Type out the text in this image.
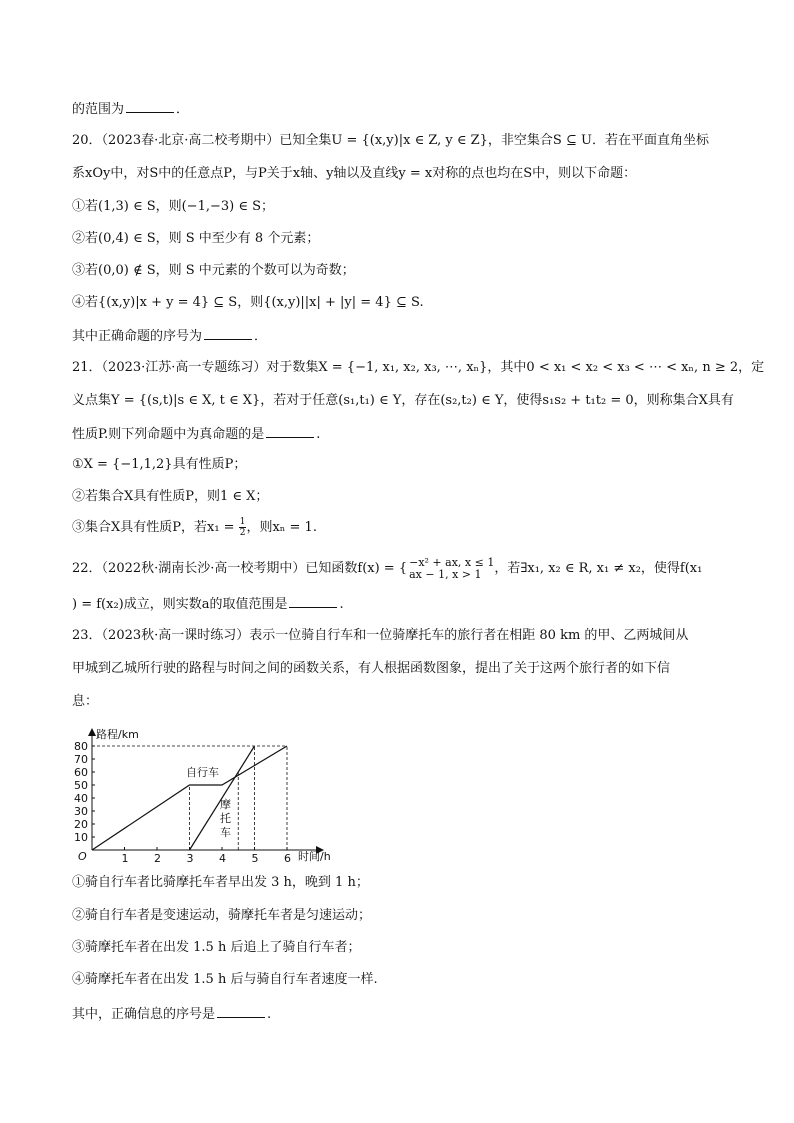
的范围为	．
20．（2023春·北京·高二校考期中）已知全集U = {(x,y)|x ∈ Z, y ∈ Z}，非空集合S ⊆ U．若在平面直角坐标
系xOy中，对S中的任意点P，与P关于x轴、y轴以及直线y = x对称的点也均在S中，则以下命题：
①若(1,3) ∈ S，则(−1,−3) ∈ S；
②若(0,4) ∈ S，则 S 中至少有 8 个元素；
③若(0,0) ∉ S，则 S 中元素的个数可以为奇数；
④若{(x,y)|x + y = 4} ⊆ S，则{(x,y)||x| + |y| = 4} ⊆ S.
其中正确命题的序号为	．
21．（2023·江苏·高一专题练习）对于数集X = {−1, x₁, x₂, x₃, ⋯, xₙ}，其中0 < x₁ < x₂ < x₃ < ⋯ < xₙ, n ≥ 2，定
义点集Y = {(s,t)|s ∈ X, t ∈ X}，若对于任意(s₁,t₁) ∈ Y，存在(s₂,t₂) ∈ Y，使得s₁s₂ + t₁t₂ = 0，则称集合X具有
性质P.则下列命题中为真命题的是	.
①X = {−1,1,2}具有性质P；
②若集合X具有性质P，则1 ∈ X；
③集合X具有性质P，若$x_1 = \frac{1}{2}$ ，则xₙ = 1.
22．（2022秋·湖南长沙·高一校考期中）已知函数f(x) = { −x² + ax, x ≤ 1
ax − 1, x > 1 ，若∃x₁, x₂ ∈ R, x₁ ≠ x₂，使得f(x₁
) = f(x₂)成立，则实数a的取值范围是	.
23．（2023秋·高一课时练习）表示一位骑自行车和一位骑摩托车的旅行者在相距 80 km 的甲、乙两城间从
甲城到乙城所行驶的路程与时间之间的函数关系，有人根据函数图象，提出了关于这两个旅行者的如下信
息：
①骑自行车者比骑摩托车者早出发 3 h，晚到 1 h；
②骑自行车者是变速运动，骑摩托车者是匀速运动；
③骑摩托车者在出发 1.5 h 后追上了骑自行车者；
④骑摩托车者在出发 1.5 h 后与骑自行车者速度一样.
其中，正确信息的序号是	.
路程/km
时间/h
O	1 2 3 4 5 6
10
20
30
40
50
60
70
80
自行车
摩
托
车
